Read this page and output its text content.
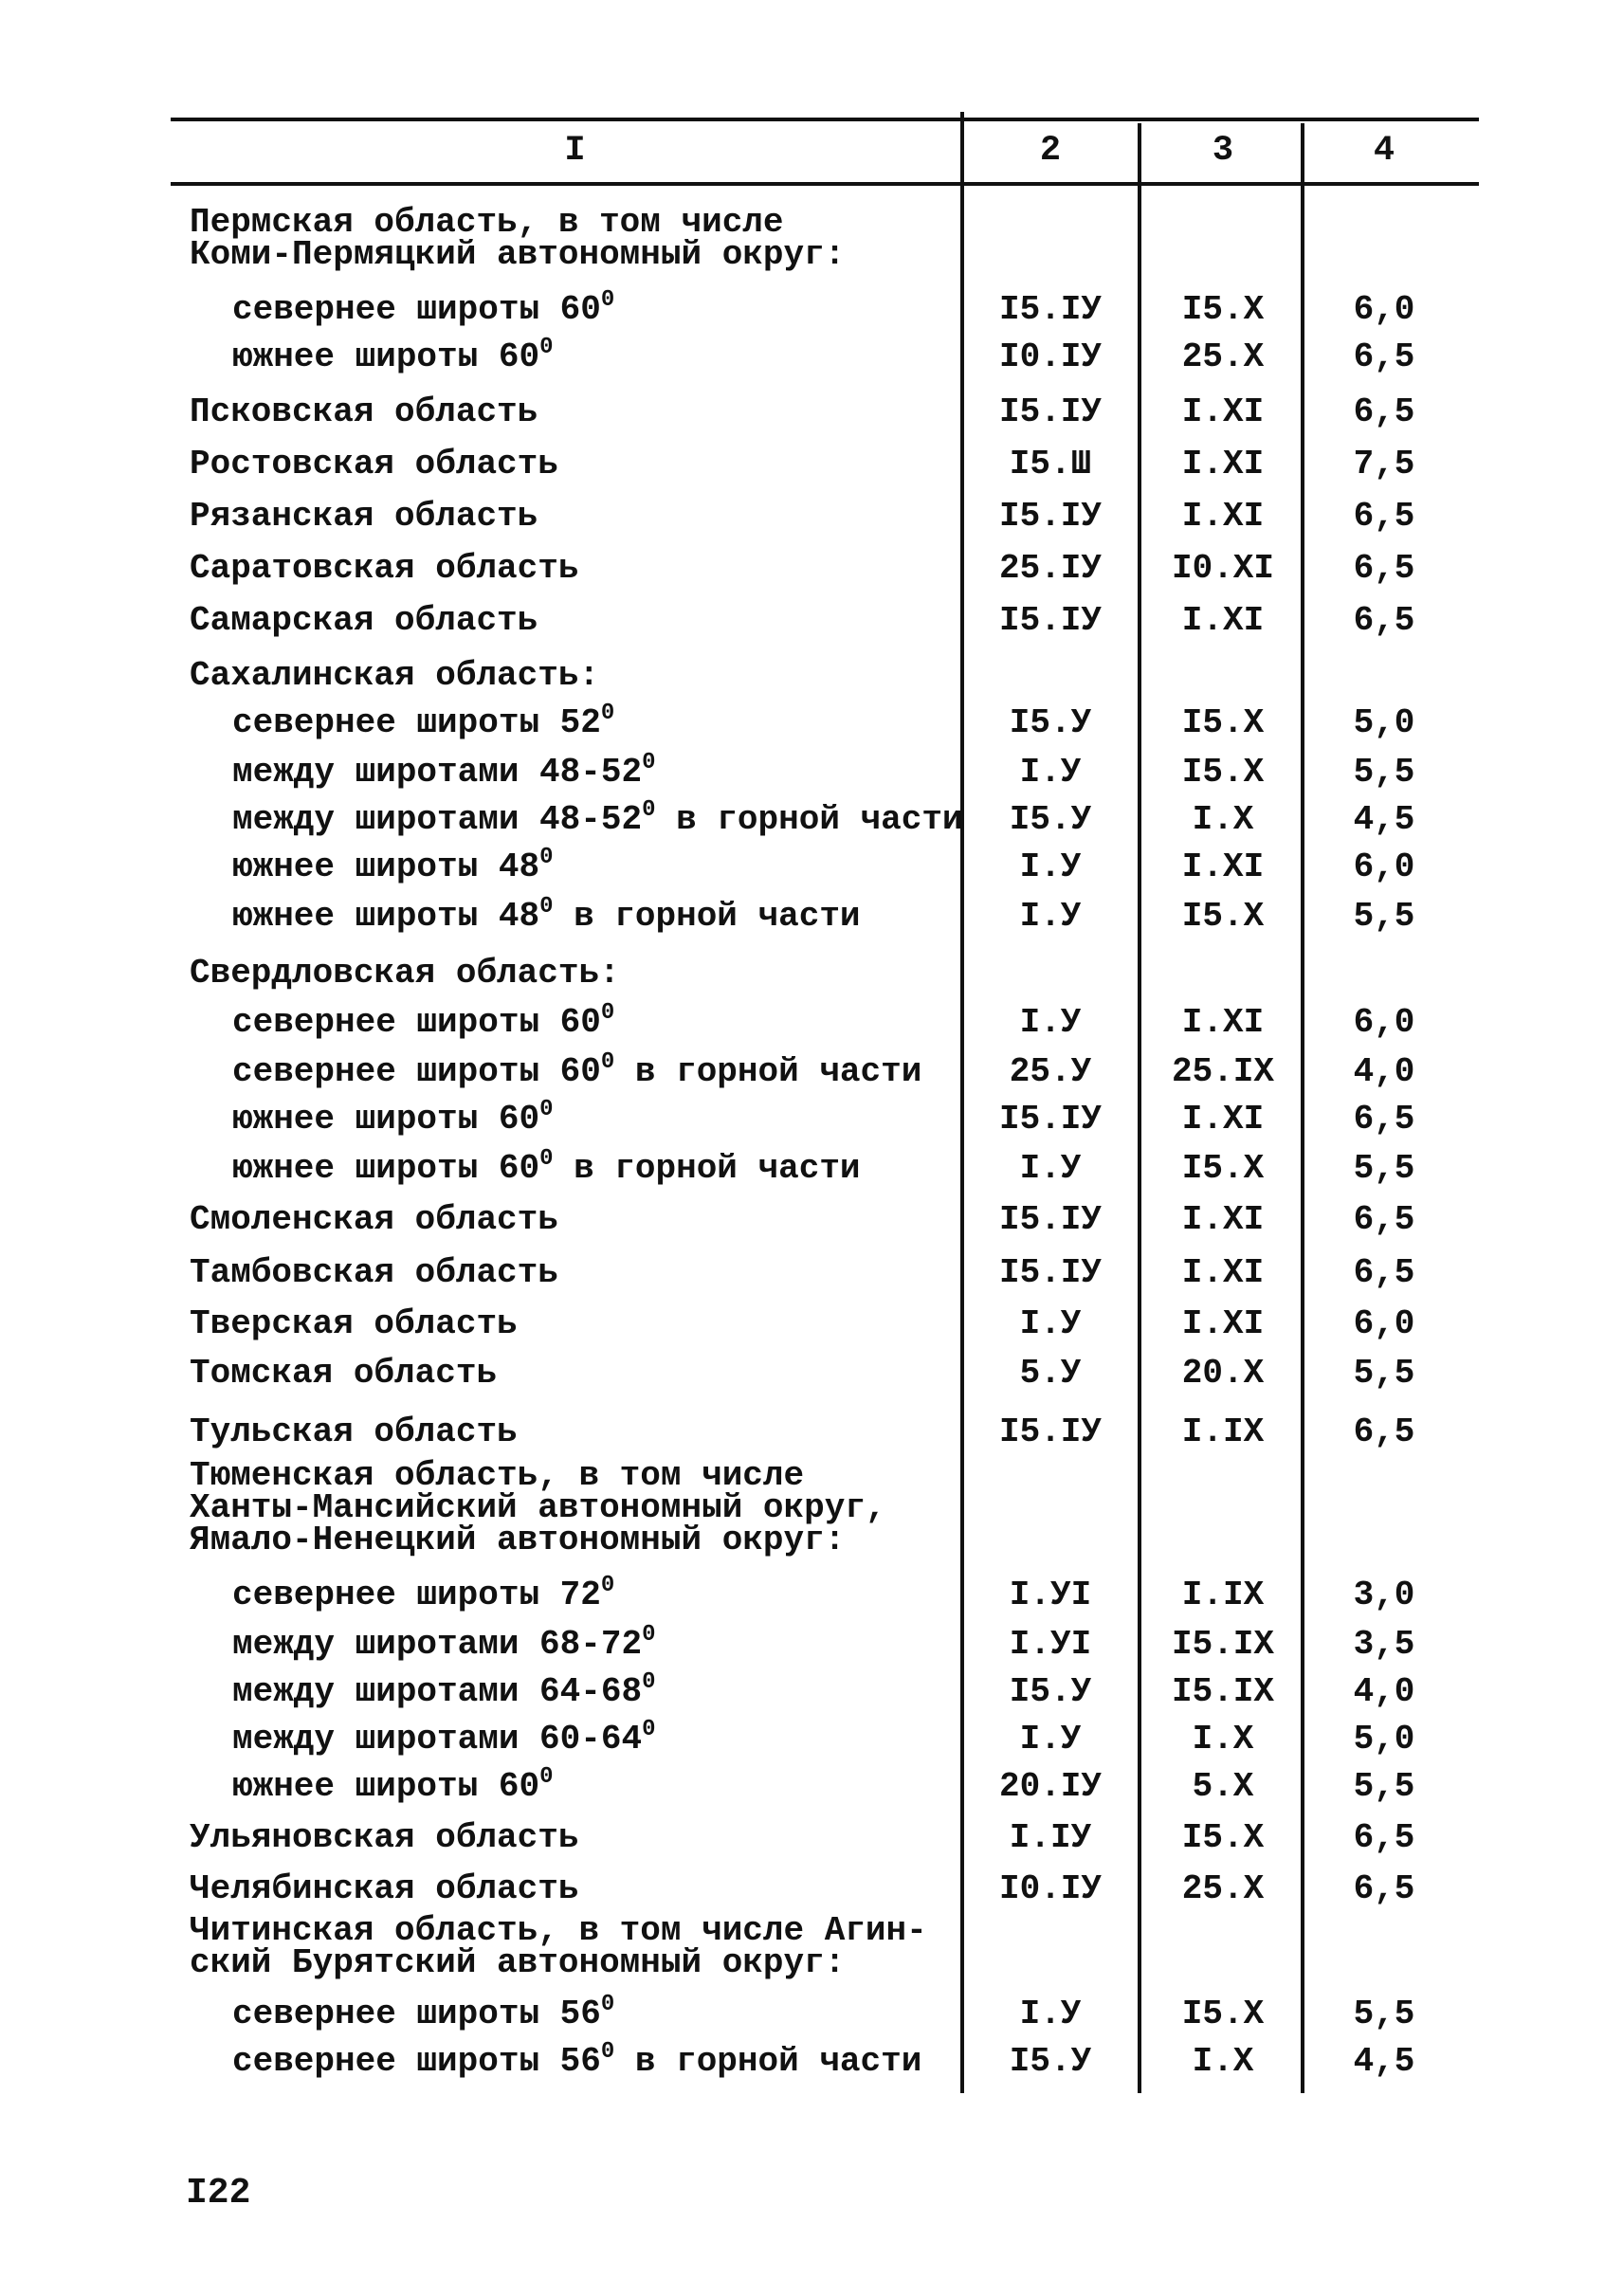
I	2	3	4
Пермская область, в том числе
Коми-Пермяцкий автономный округ:
севернее широты $60^0$	I5.IУ	I5.X	6,0
южнее широты $60^0$	I0.IУ	25.X	6,5
Псковская область	I5.IУ	I.XI	6,5
Ростовская область	I5.Ш	I.XI	7,5
Рязанская область	I5.IУ	I.XI	6,5
Саратовская область	25.IУ	I0.XI	6,5
Самарская область	I5.IУ	I.XI	6,5
Сахалинская область:
севернее широты $52^0$	I5.У	I5.X	5,0
между широтами $48-52^0$	I.У	I5.X	5,5
между широтами $48-52^0$ в горной части	I5.У	I.X	4,5
южнее широты $48^0$	I.У	I.XI	6,0
южнее широты $48^0$ в горной части	I.У	I5.X	5,5
Свердловская область:
севернее широты $60^0$	I.У	I.XI	6,0
севернее широты $60^0$ в горной части	25.У	25.IX	4,0
южнее широты $60^0$	I5.IУ	I.XI	6,5
южнее широты $60^0$ в горной части	I.У	I5.X	5,5
Смоленская область	I5.IУ	I.XI	6,5
Тамбовская область	I5.IУ	I.XI	6,5
Тверская область	I.У	I.XI	6,0
Томская область	5.У	20.X	5,5
Тульская область	I5.IУ	I.IX	6,5
Тюменская область, в том числе
Ханты-Мансийский автономный округ,
Ямало-Ненецкий автономный округ:
севернее широты $72^0$	I.УI	I.IX	3,0
между широтами $68-72^0$	I.УI	I5.IX	3,5
между широтами $64-68^0$	I5.У	I5.IX	4,0
между широтами $60-64^0$	I.У	I.X	5,0
южнее широты $60^0$	20.IУ	5.X	5,5
Ульяновская область	I.IУ	I5.X	6,5
Челябинская область	I0.IУ	25.X	6,5
Читинская область, в том числе Агин-
ский Бурятский автономный округ:
севернее широты $56^0$	I.У	I5.X	5,5
севернее широты $56^0$ в горной части	I5.У	I.X	4,5
I22
